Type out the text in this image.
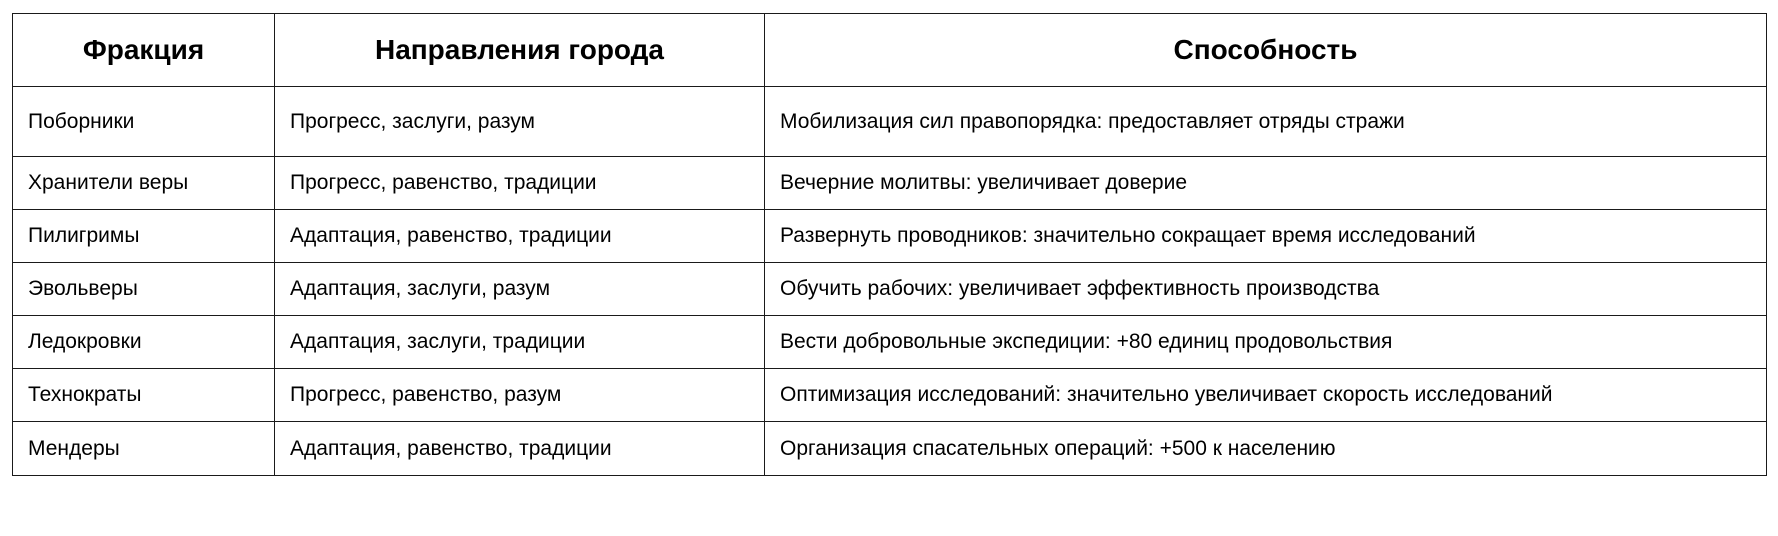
Фракция	Направления города	Способность
Поборники	Прогресс, заслуги, разум	Мобилизация сил правопорядка: предоставляет отряды стражи
Хранители веры	Прогресс, равенство, традиции	Вечерние молитвы: увеличивает доверие
Пилигримы	Адаптация, равенство, традиции	Развернуть проводников: значительно сокращает время исследований
Эвольверы	Адаптация, заслуги, разум	Обучить рабочих: увеличивает эффективность производства
Ледокровки	Адаптация, заслуги, традиции	Вести добровольные экспедиции: +80 единиц продовольствия
Технократы	Прогресс, равенство, разум	Оптимизация исследований: значительно увеличивает скорость исследований
Мендеры	Адаптация, равенство, традиции	Организация спасательных операций: +500 к населению
